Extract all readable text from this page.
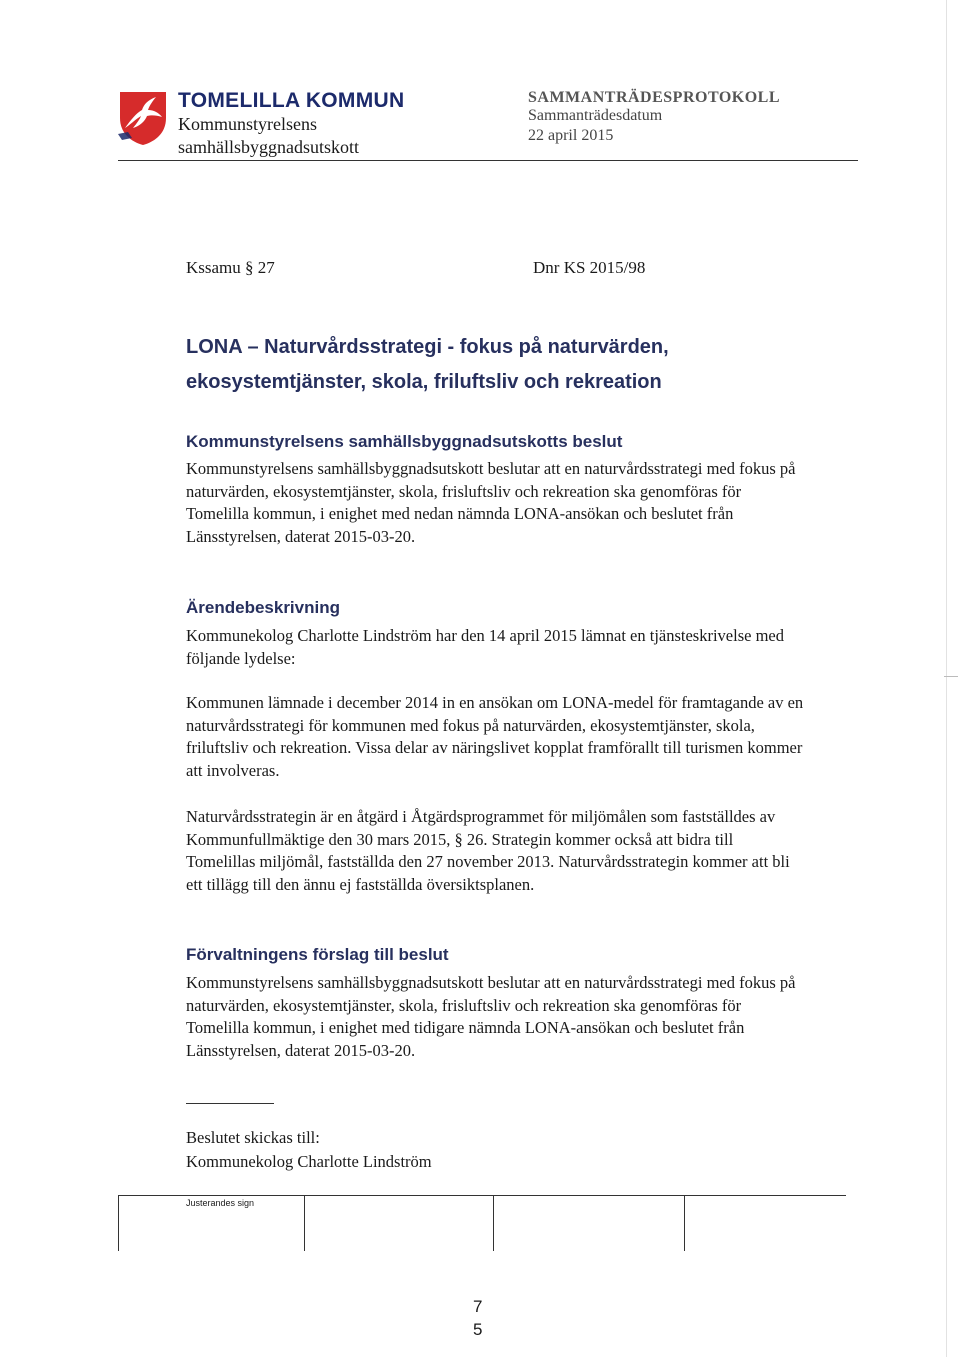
TOMELILLA KOMMUN
Kommunstyrelsens
samhällsbyggnadsutskott
SAMMANTRÄDESPROTOKOLL
Sammanträdesdatum
22 april 2015
Kssamu § 27	Dnr KS 2015/98
LONA – Naturvårdsstrategi - fokus på naturvärden,
ekosystemtjänster, skola, friluftsliv och rekreation
Kommunstyrelsens samhällsbyggnadsutskotts beslut
Kommunstyrelsens samhällsbyggnadsutskott beslutar att en naturvårdsstrategi med fokus på naturvärden, ekosystemtjänster, skola, frisluftsliv och rekreation ska genomföras för Tomelilla kommun, i enighet med nedan nämnda LONA-ansökan och beslutet från Länsstyrelsen, daterat 2015-03-20.
Ärendebeskrivning
Kommunekolog Charlotte Lindström har den 14 april 2015 lämnat en tjänsteskrivelse med följande lydelse:
Kommunen lämnade i december 2014 in en ansökan om LONA-medel för framtagande av en naturvårdsstrategi för kommunen med fokus på naturvärden, ekosystemtjänster, skola, friluftsliv och rekreation. Vissa delar av näringslivet kopplat framförallt till turismen kommer att involveras.
Naturvårdsstrategin är en åtgärd i Åtgärdsprogrammet för miljömålen som fastställdes av Kommunfullmäktige den 30 mars 2015, § 26. Strategin kommer också att bidra till Tomelillas miljömål, fastställda den 27 november 2013. Naturvårdsstrategin kommer att bli ett tillägg till den ännu ej fastställda översiktsplanen.
Förvaltningens förslag till beslut
Kommunstyrelsens samhällsbyggnadsutskott beslutar att en naturvårdsstrategi med fokus på naturvärden, ekosystemtjänster, skola, frisluftsliv och rekreation ska genomföras för Tomelilla kommun, i enighet med tidigare nämnda LONA-ansökan och beslutet från Länsstyrelsen, daterat 2015-03-20.
Beslutet skickas till:
Kommunekolog Charlotte Lindström
Justerandes sign
7
5
